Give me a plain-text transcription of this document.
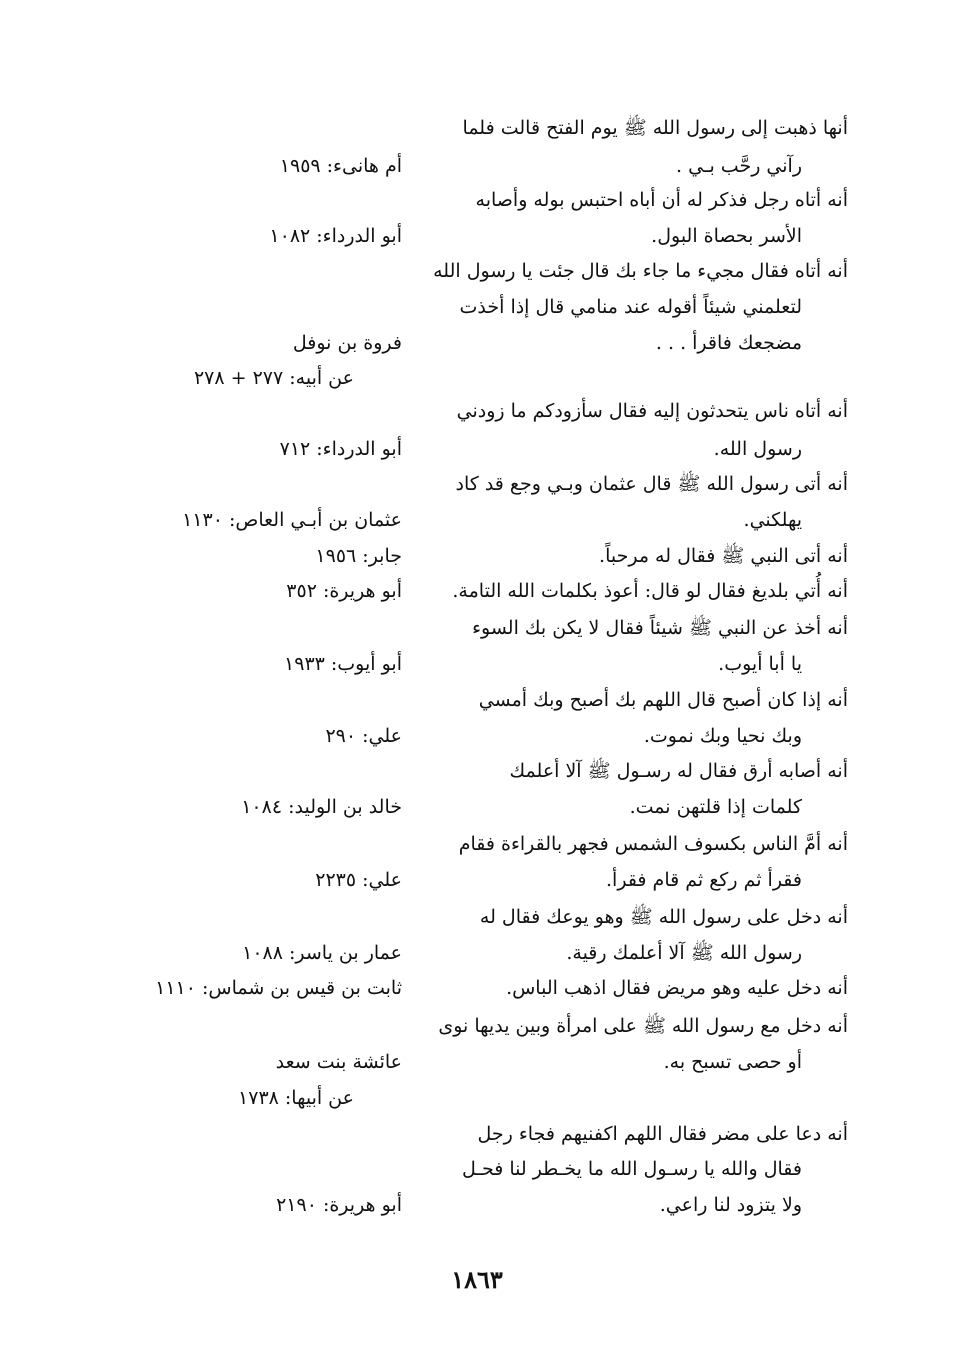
أنها ذهبت إلى رسول الله ﷺ يوم الفتح قالت فلما
رآني رحَّب بـي .
أم هانىء: ١٩٥٩
أنه أتاه رجل فذكر له أن أباه احتبس بوله وأصابه
الأسر بحصاة البول.
أبو الدرداء: ١٠٨٢
أنه أتاه فقال مجيء ما جاء بك قال جئت يا رسول الله
لتعلمني شيئاً أقوله عند منامي قال إذا أخذت
مضجعك فاقرأ . . .
فروة بن نوفل
عن أبيه: ٢٧٧ + ٢٧٨
أنه أتاه ناس يتحدثون إليه فقال سأزودكم ما زودني
رسول الله.
أبو الدرداء: ٧١٢
أنه أتى رسول الله ﷺ قال عثمان وبـي وجع قد كاد
يهلكني.
عثمان بن أبـي العاص: ١١٣٠
أنه أتى النبي ﷺ فقال له مرحباً.
جابر: ١٩٥٦
أنه أُتي بلديغ فقال لو قال: أعوذ بكلمات الله التامة.
أبو هريرة: ٣٥٢
أنه أخذ عن النبي ﷺ شيئاً فقال لا يكن بك السوء
يا أبا أيوب.
أبو أيوب: ١٩٣٣
أنه إذا كان أصبح قال اللهم بك أصبح وبك أمسي
وبك نحيا وبك نموت.
علي: ٢٩٠
أنه أصابه أرق فقال له رسـول ﷺ آلا أعلمك
كلمات إذا قلتهن نمت.
خالد بن الوليد: ١٠٨٤
أنه أمَّ الناس بكسوف الشمس فجهر بالقراءة فقام
فقرأ ثم ركع ثم قام فقرأ.
علي: ٢٢٣٥
أنه دخل على رسول الله ﷺ وهو يوعك فقال له
رسول الله ﷺ آلا أعلمك رقية.
عمار بن ياسر: ١٠٨٨
أنه دخل عليه وهو مريض فقال اذهب الباس.
ثابت بن قيس بن شماس: ١١١٠
أنه دخل مع رسول الله ﷺ على امرأة وبين يديها نوى
أو حصى تسبح به.
عائشة بنت سعد
عن أبيها: ١٧٣٨
أنه دعا على مضر فقال اللهم اكفنيهم فجاء رجل
فقال والله يا رسـول الله ما يخـطر لنا فحـل
ولا يتزود لنا راعي.
أبو هريرة: ٢١٩٠
١٨٦٣
